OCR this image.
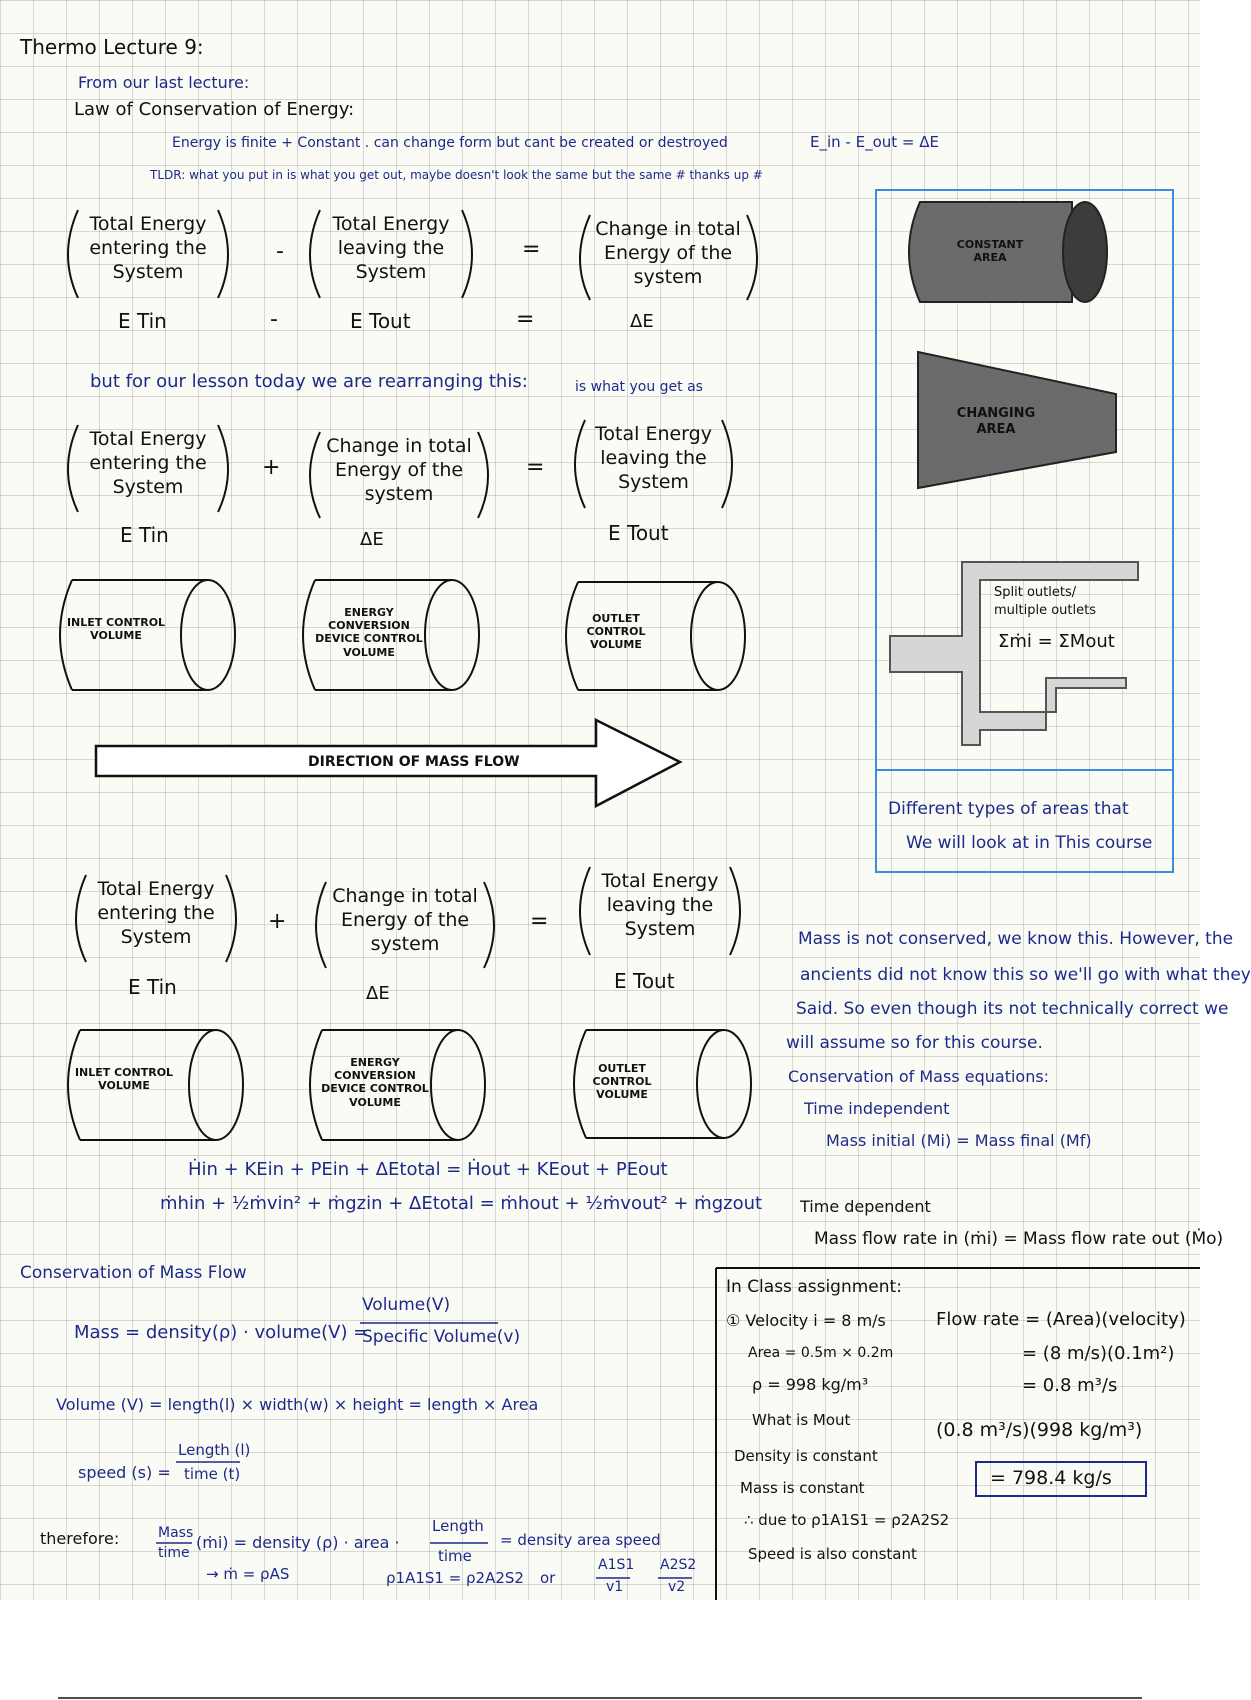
Thermo Lecture 9:
From our last lecture:
Law of Conservation of Energy:
Energy is finite + Constant . can change form but cant be created or destroyed	E_in - E_out = ΔE
TLDR: what you put in is what you get out, maybe doesn't look the same but the same # thanks up #
Total Energy entering the System
-
Total Energy leaving the System
=
Change in total Energy of the system
E Tin	-	E Tout	=	ΔE
but for our lesson today we are rearranging this:	is what you get as
Total Energy entering the System
+
Change in total Energy of the system
=
Total Energy leaving the System
E Tin	ΔE	E Tout
INLET CONTROL VOLUME
ENERGY CONVERSION DEVICE CONTROL VOLUME
OUTLET CONTROL VOLUME
DIRECTION OF MASS FLOW
CONSTANT AREA
CHANGING AREA
Split outlets/ multiple outlets
Σṁi = ΣMout
Different types of areas that
We will look at in This course
Total Energy entering the System
+
Change in total Energy of the system
=
Total Energy leaving the System
E Tin	ΔE
E Tout
INLET CONTROL VOLUME
ENERGY CONVERSION DEVICE CONTROL VOLUME
OUTLET CONTROL VOLUME
Ḣin + KEin + PEin + ΔEtotal = Ḣout + KEout + PEout
ṁhin + ½ṁvin² + ṁgzin + ΔEtotal = ṁhout + ½ṁvout² + ṁgzout
Mass is not conserved, we know this. However, the
ancients did not know this so we'll go with what they
Said. So even though its not technically correct we
will assume so for this course.
Conservation of Mass equations:
Time independent
Mass initial (Mi) = Mass final (Mf)
Time dependent
Mass flow rate in (ṁi) = Mass flow rate out (Ṁo)
Conservation of Mass Flow
Mass = density(ρ) · volume(V) =
Volume(V)
Specific Volume(v)
Volume (V) = length(l) × width(w) × height = length × Area
speed (s) =
Length (l)
time (t)
therefore:	Mass
time
(ṁi) = density (ρ) · area ·
Length
time
= density area speed
→ ṁ = ρAS	ρ1A1S1 = ρ2A2S2 or
A1S1
v1
A2S2
v2
In Class assignment:
① Velocity i = 8 m/s
Area = 0.5m × 0.2m
ρ = 998 kg/m³
What is Mout
Density is constant
Mass is constant
∴ due to ρ1A1S1 = ρ2A2S2
Speed is also constant
Flow rate = (Area)(velocity)
= (8 m/s)(0.1m²)
= 0.8 m³/s
(0.8 m³/s)(998 kg/m³)
= 798.4 kg/s
